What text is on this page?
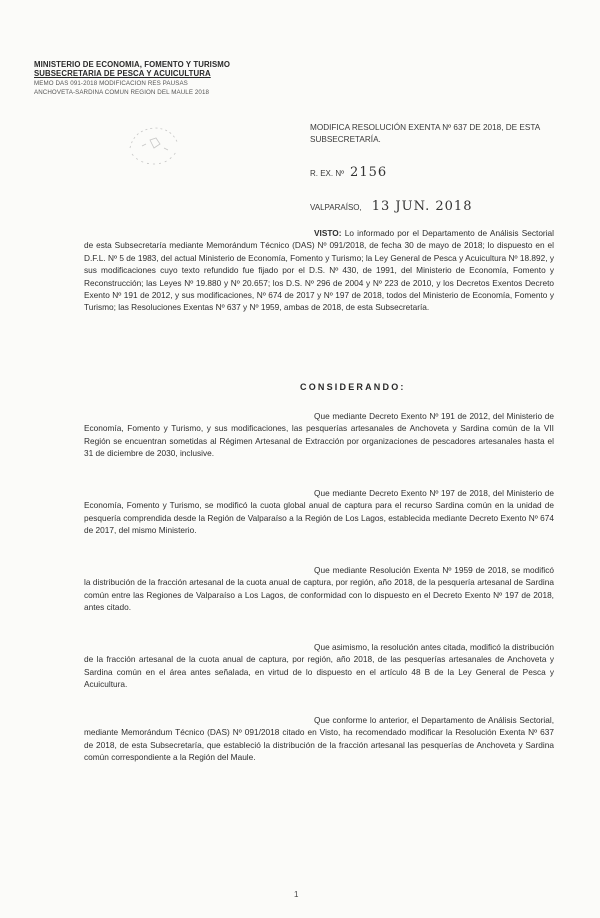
MINISTERIO DE ECONOMIA, FOMENTO Y TURISMO
SUBSECRETARIA DE PESCA Y ACUICULTURA
MEMO DAS 091-2018 MODIFICACION RES PAUSAS
ANCHOVETA-SARDINA COMUN REGION DEL MAULE 2018
MODIFICA RESOLUCIÓN EXENTA Nº 637 DE 2018, DE ESTA SUBSECRETARÍA.
R. EX. Nº 2156
VALPARAÍSO, 13 JUN. 2018
VISTO: Lo informado por el Departamento de Análisis Sectorial de esta Subsecretaría mediante Memorándum Técnico (DAS) Nº 091/2018, de fecha 30 de mayo de 2018; lo dispuesto en el D.F.L. Nº 5 de 1983, del actual Ministerio de Economía, Fomento y Turismo; la Ley General de Pesca y Acuicultura Nº 18.892, y sus modificaciones cuyo texto refundido fue fijado por el D.S. Nº 430, de 1991, del Ministerio de Economía, Fomento y Reconstrucción; las Leyes Nº 19.880 y Nº 20.657; los D.S. Nº 296 de 2004 y Nº 223 de 2010, y los Decretos Exentos Decreto Exento Nº 191 de 2012, y sus modificaciones, Nº 674 de 2017 y Nº 197 de 2018, todos del Ministerio de Economía, Fomento y Turismo; las Resoluciones Exentas Nº 637 y Nº 1959, ambas de 2018, de esta Subsecretaría.
CONSIDERANDO:
Que mediante Decreto Exento Nº 191 de 2012, del Ministerio de Economía, Fomento y Turismo, y sus modificaciones, las pesquerías artesanales de Anchoveta y Sardina común de la VII Región se encuentran sometidas al Régimen Artesanal de Extracción por organizaciones de pescadores artesanales hasta el 31 de diciembre de 2030, inclusive.
Que mediante Decreto Exento Nº 197 de 2018, del Ministerio de Economía, Fomento y Turismo, se modificó la cuota global anual de captura para el recurso Sardina común en la unidad de pesquería comprendida desde la Región de Valparaíso a la Región de Los Lagos, establecida mediante Decreto Exento Nº 674 de 2017, del mismo Ministerio.
Que mediante Resolución Exenta Nº 1959 de 2018, se modificó la distribución de la fracción artesanal de la cuota anual de captura, por región, año 2018, de la pesquería artesanal de Sardina común entre las Regiones de Valparaíso a Los Lagos, de conformidad con lo dispuesto en el Decreto Exento Nº 197 de 2018, antes citado.
Que asimismo, la resolución antes citada, modificó la distribución de la fracción artesanal de la cuota anual de captura, por región, año 2018, de las pesquerías artesanales de Anchoveta y Sardina común en el área antes señalada, en virtud de lo dispuesto en el artículo 48 B de la Ley General de Pesca y Acuicultura.
Que conforme lo anterior, el Departamento de Análisis Sectorial, mediante Memorándum Técnico (DAS) Nº 091/2018 citado en Visto, ha recomendado modificar la Resolución Exenta Nº 637 de 2018, de esta Subsecretaría, que estableció la distribución de la fracción artesanal las pesquerías de Anchoveta y Sardina común correspondiente a la Región del Maule.
1
